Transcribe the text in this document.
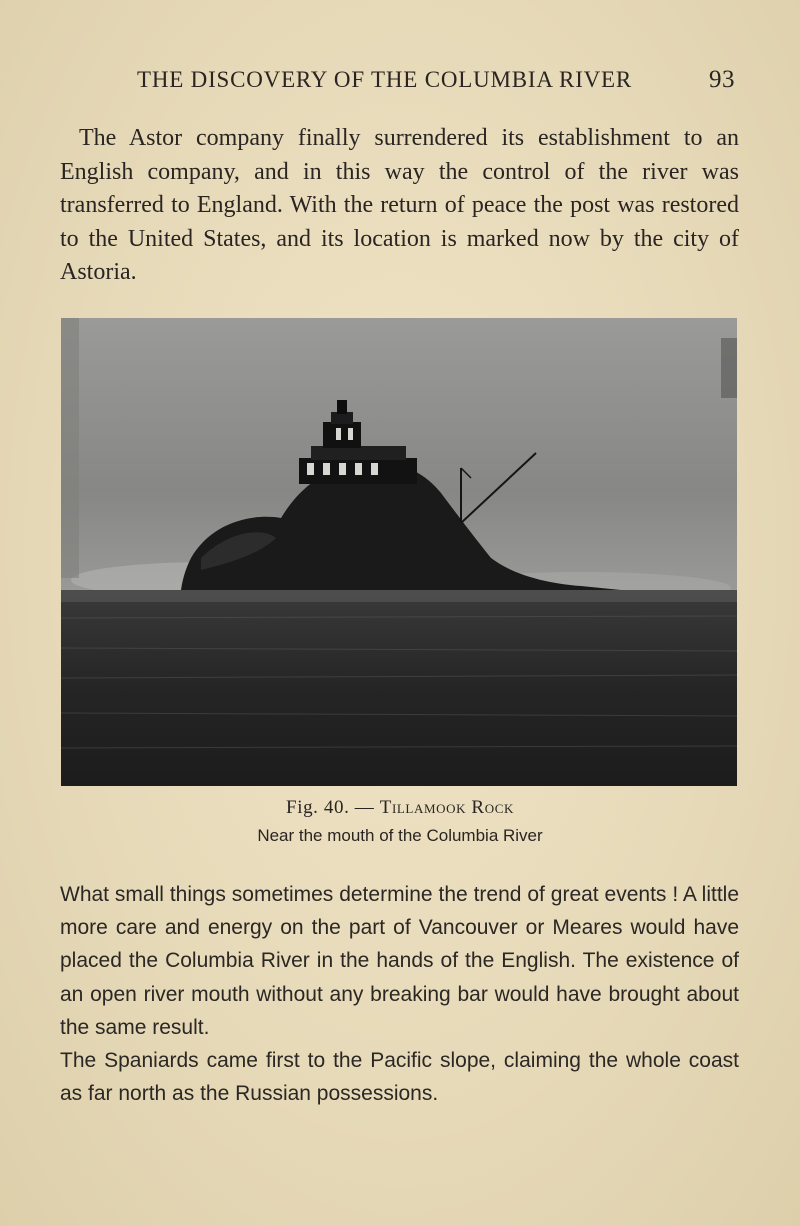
THE DISCOVERY OF THE COLUMBIA RIVER	93
The Astor company finally surrendered its establishment to an English company, and in this way the control of the river was transferred to England. With the return of peace the post was restored to the United States, and its location is marked now by the city of Astoria.
Fig. 40. — Tillamook Rock
Near the mouth of the Columbia River

What small things sometimes determine the trend of great events ! A little more care and energy on the part of Vancouver or Meares would have placed the Columbia River in the hands of the English. The existence of an open river mouth without any breaking bar would have brought about the same result.

The Spaniards came first to the Pacific slope, claiming the whole coast as far north as the Russian possessions.
